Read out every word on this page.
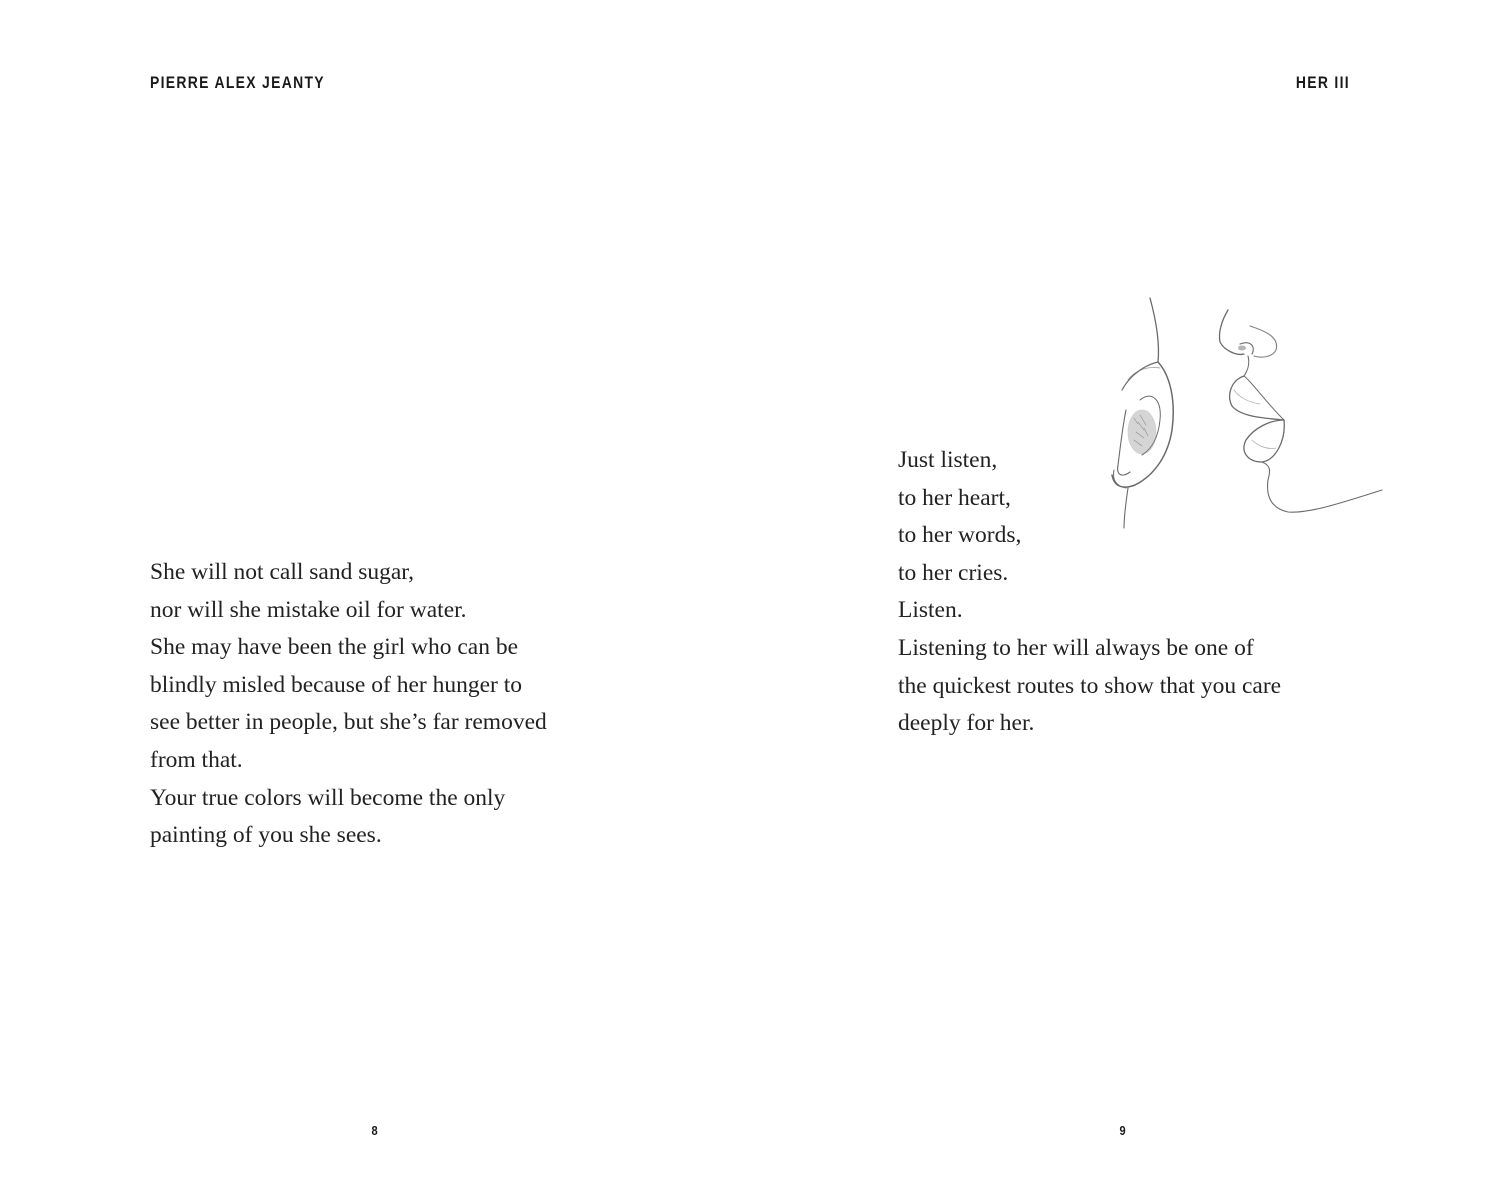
PIERRE ALEX JEANTY
She will not call sand sugar,
nor will she mistake oil for water.
She may have been the girl who can be
blindly misled because of her hunger to
see better in people, but she’s far removed
from that.
Your true colors will become the only
painting of you she sees.
8
HER III
Just listen,
to her heart,
to her words,
to her cries.
Listen.
Listening to her will always be one of
the quickest routes to show that you care
deeply for her.
9
